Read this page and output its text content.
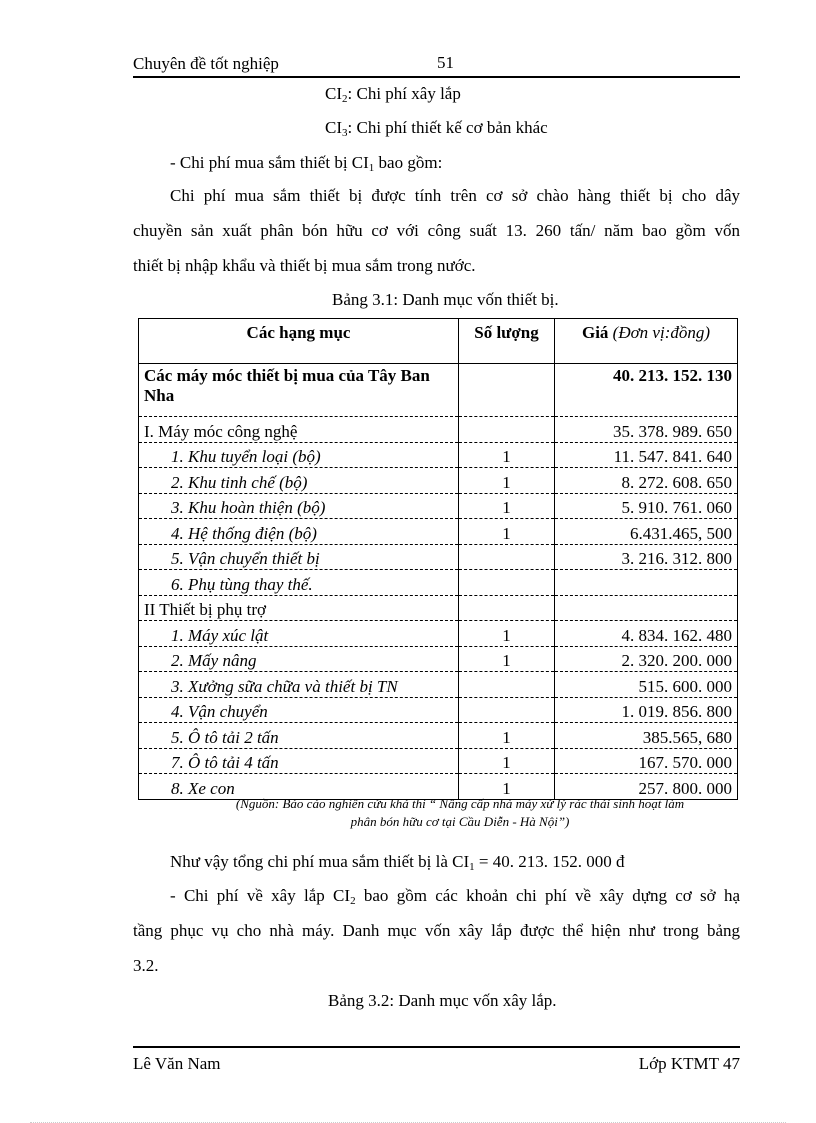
Chuyên đề tốt nghiệp	51
$CI_2$: Chi phí xây lắp
$CI_3$: Chi phí thiết kế cơ bản khác
- Chi phí mua sắm thiết bị $CI_1$ bao gồm:
Chi phí mua sắm thiết bị được tính trên cơ sở chào hàng thiết bị cho dây
chuyền sản xuất phân bón hữu cơ với công suất 13. 260 tấn/ năm bao gồm vốn
thiết bị nhập khẩu và thiết bị mua sắm trong nước.
Bảng 3.1: Danh mục vốn thiết bị.
Các hạng mục	Số lượng	Giá (Đơn vị:đồng)
Các máy móc thiết bị mua của Tây Ban Nha		40. 213. 152. 130
I. Máy móc công nghệ		35. 378. 989. 650
1. Khu tuyển loại (bộ)	1	11. 547. 841. 640
2. Khu tinh chế (bộ)	1	8. 272. 608. 650
3. Khu hoàn thiện (bộ)	1	5. 910. 761. 060
4. Hệ thống điện (bộ)	1	6.431.465, 500
5. Vận chuyển thiết bị		3. 216. 312. 800
6. Phụ tùng thay thế.		
II Thiết bị phụ trợ		
1. Máy xúc lật	1	4. 834. 162. 480
2. Mấy nâng	1	2. 320. 200. 000
3. Xưởng sữa chữa và thiết bị TN		515. 600. 000
4. Vận chuyển		1. 019. 856. 800
5. Ô tô tải 2 tấn	1	385.565, 680
7. Ô tô tải 4 tấn	1	167. 570. 000
8. Xe con	1	257. 800. 000
(Nguồn: Báo cáo nghiên cứu khả thi “ Nâng cấp nhà máy xử lý rác thải sinh hoạt làm
phân bón hữu cơ tại Cầu Diễn - Hà Nội”)
Như vậy tổng chi phí mua sắm thiết bị là $CI_1 = 40$. 213. 152. 000 đ
- Chi phí về xây lắp $CI_2$ bao gồm các khoản chi phí về xây dựng cơ sở hạ
tầng phục vụ cho nhà máy. Danh mục vốn xây lắp được thể hiện như trong bảng
3.2.
Bảng 3.2: Danh mục vốn xây lắp.
Lê Văn Nam	Lớp KTMT 47
